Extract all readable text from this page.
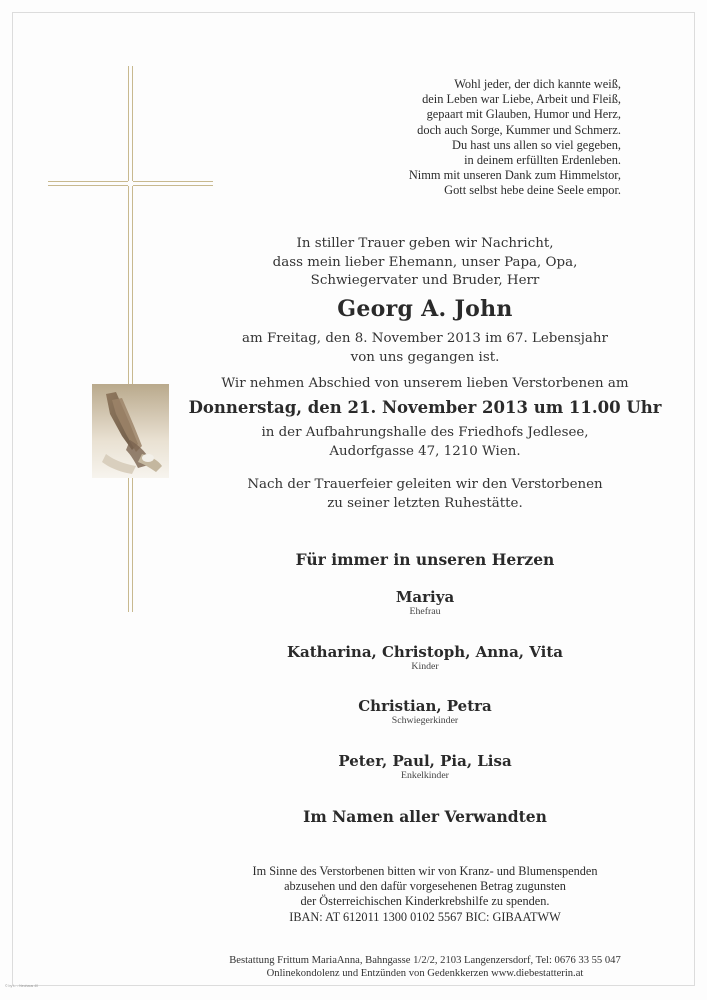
Wohl jeder, der dich kannte weiß,
dein Leben war Liebe, Arbeit und Fleiß,
gepaart mit Glauben, Humor und Herz,
doch auch Sorge, Kummer und Schmerz.
Du hast uns allen so viel gegeben,
in deinem erfüllten Erdenleben.
Nimm mit unseren Dank zum Himmelstor,
Gott selbst hebe deine Seele empor.
In stiller Trauer geben wir Nachricht,
dass mein lieber Ehemann, unser Papa, Opa,
Schwiegervater und Bruder, Herr
Georg A. John
am Freitag, den 8. November 2013 im 67. Lebensjahr
von uns gegangen ist.
Wir nehmen Abschied von unserem lieben Verstorbenen am
Donnerstag, den 21. November 2013 um 11.00 Uhr
in der Aufbahrungshalle des Friedhofs Jedlesee,
Audorfgasse 47, 1210 Wien.
Nach der Trauerfeier geleiten wir den Verstorbenen
zu seiner letzten Ruhestätte.
Für immer in unseren Herzen
Mariya
Ehefrau
Katharina, Christoph, Anna, Vita
Kinder
Christian, Petra
Schwiegerkinder
Peter, Paul, Pia, Lisa
Enkelkinder
Im Namen aller Verwandten
Im Sinne des Verstorbenen bitten wir von Kranz- und Blumenspenden
abzusehen und den dafür vorgesehenen Betrag zugunsten
der Österreichischen Kinderkrebshilfe zu spenden.
IBAN: AT 612011 1300 0102 5567 BIC: GIBAATWW
Bestattung Frittum MariaAnna, Bahngasse 1/2/2, 2103 Langenzersdorf, Tel: 0676 33 55 047
Onlinekondolenz und Entzünden von Gedenkkerzen www.diebestatterin.at
© by L. - Neuhaus 40
